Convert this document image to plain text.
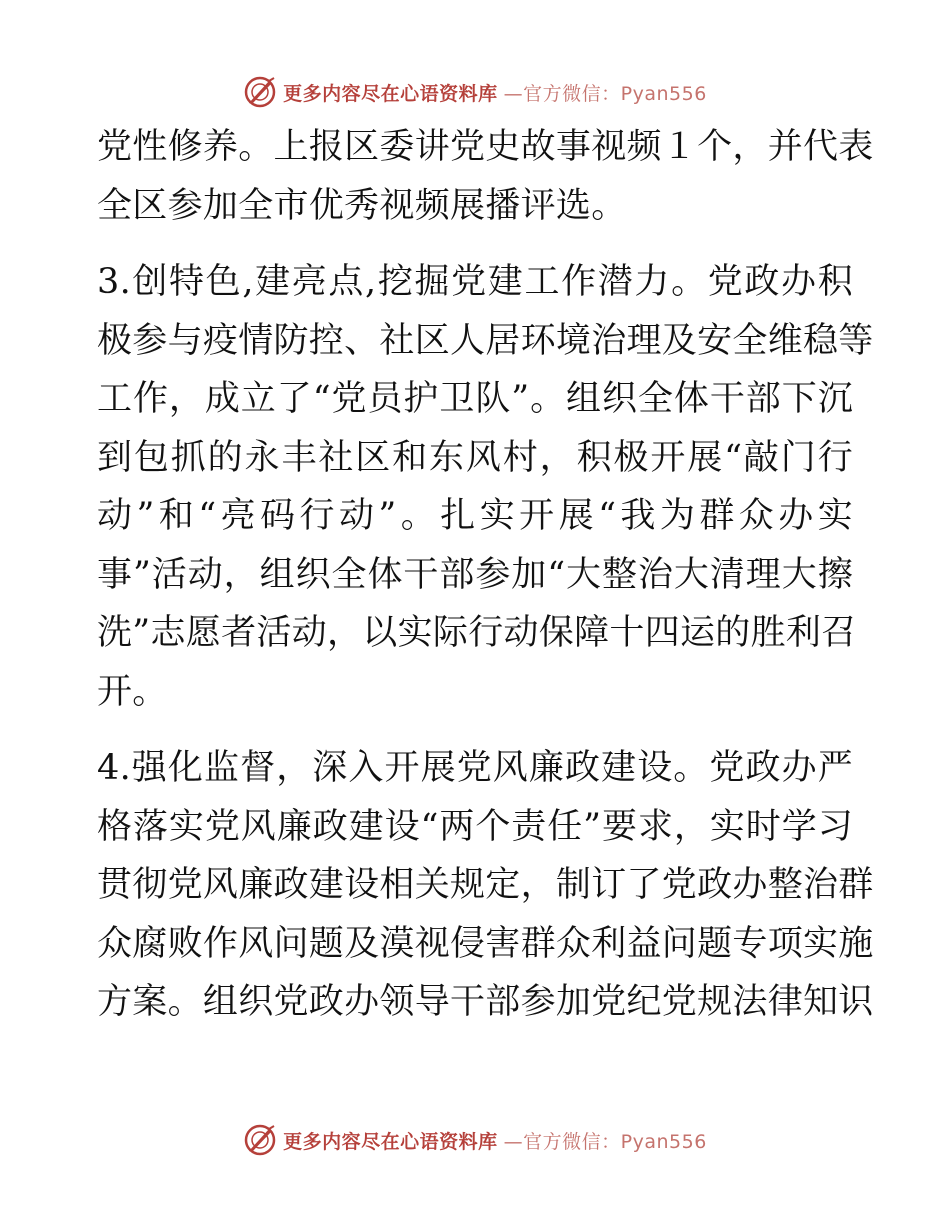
更多内容尽在心语资料库 —官方微信：Pyan556
党性修养。上报区委讲党史故事视频１个，并代表
全区参加全市优秀视频展播评选。
3.创特色,建亮点,挖掘党建工作潜力。党政办积
极参与疫情防控、社区人居环境治理及安全维稳等
工作，成立了“党员护卫队”。组织全体干部下沉
到包抓的永丰社区和东风村，积极开展“敲门行
动”和“亮码行动”。扎实开展“我为群众办实
事”活动，组织全体干部参加“大整治大清理大擦
洗”志愿者活动，以实际行动保障十四运的胜利召
开。
4.强化监督，深入开展党风廉政建设。党政办严
格落实党风廉政建设“两个责任”要求，实时学习
贯彻党风廉政建设相关规定，制订了党政办整治群
众腐败作风问题及漠视侵害群众利益问题专项实施
方案。组织党政办领导干部参加党纪党规法律知识
更多内容尽在心语资料库 —官方微信：Pyan556
